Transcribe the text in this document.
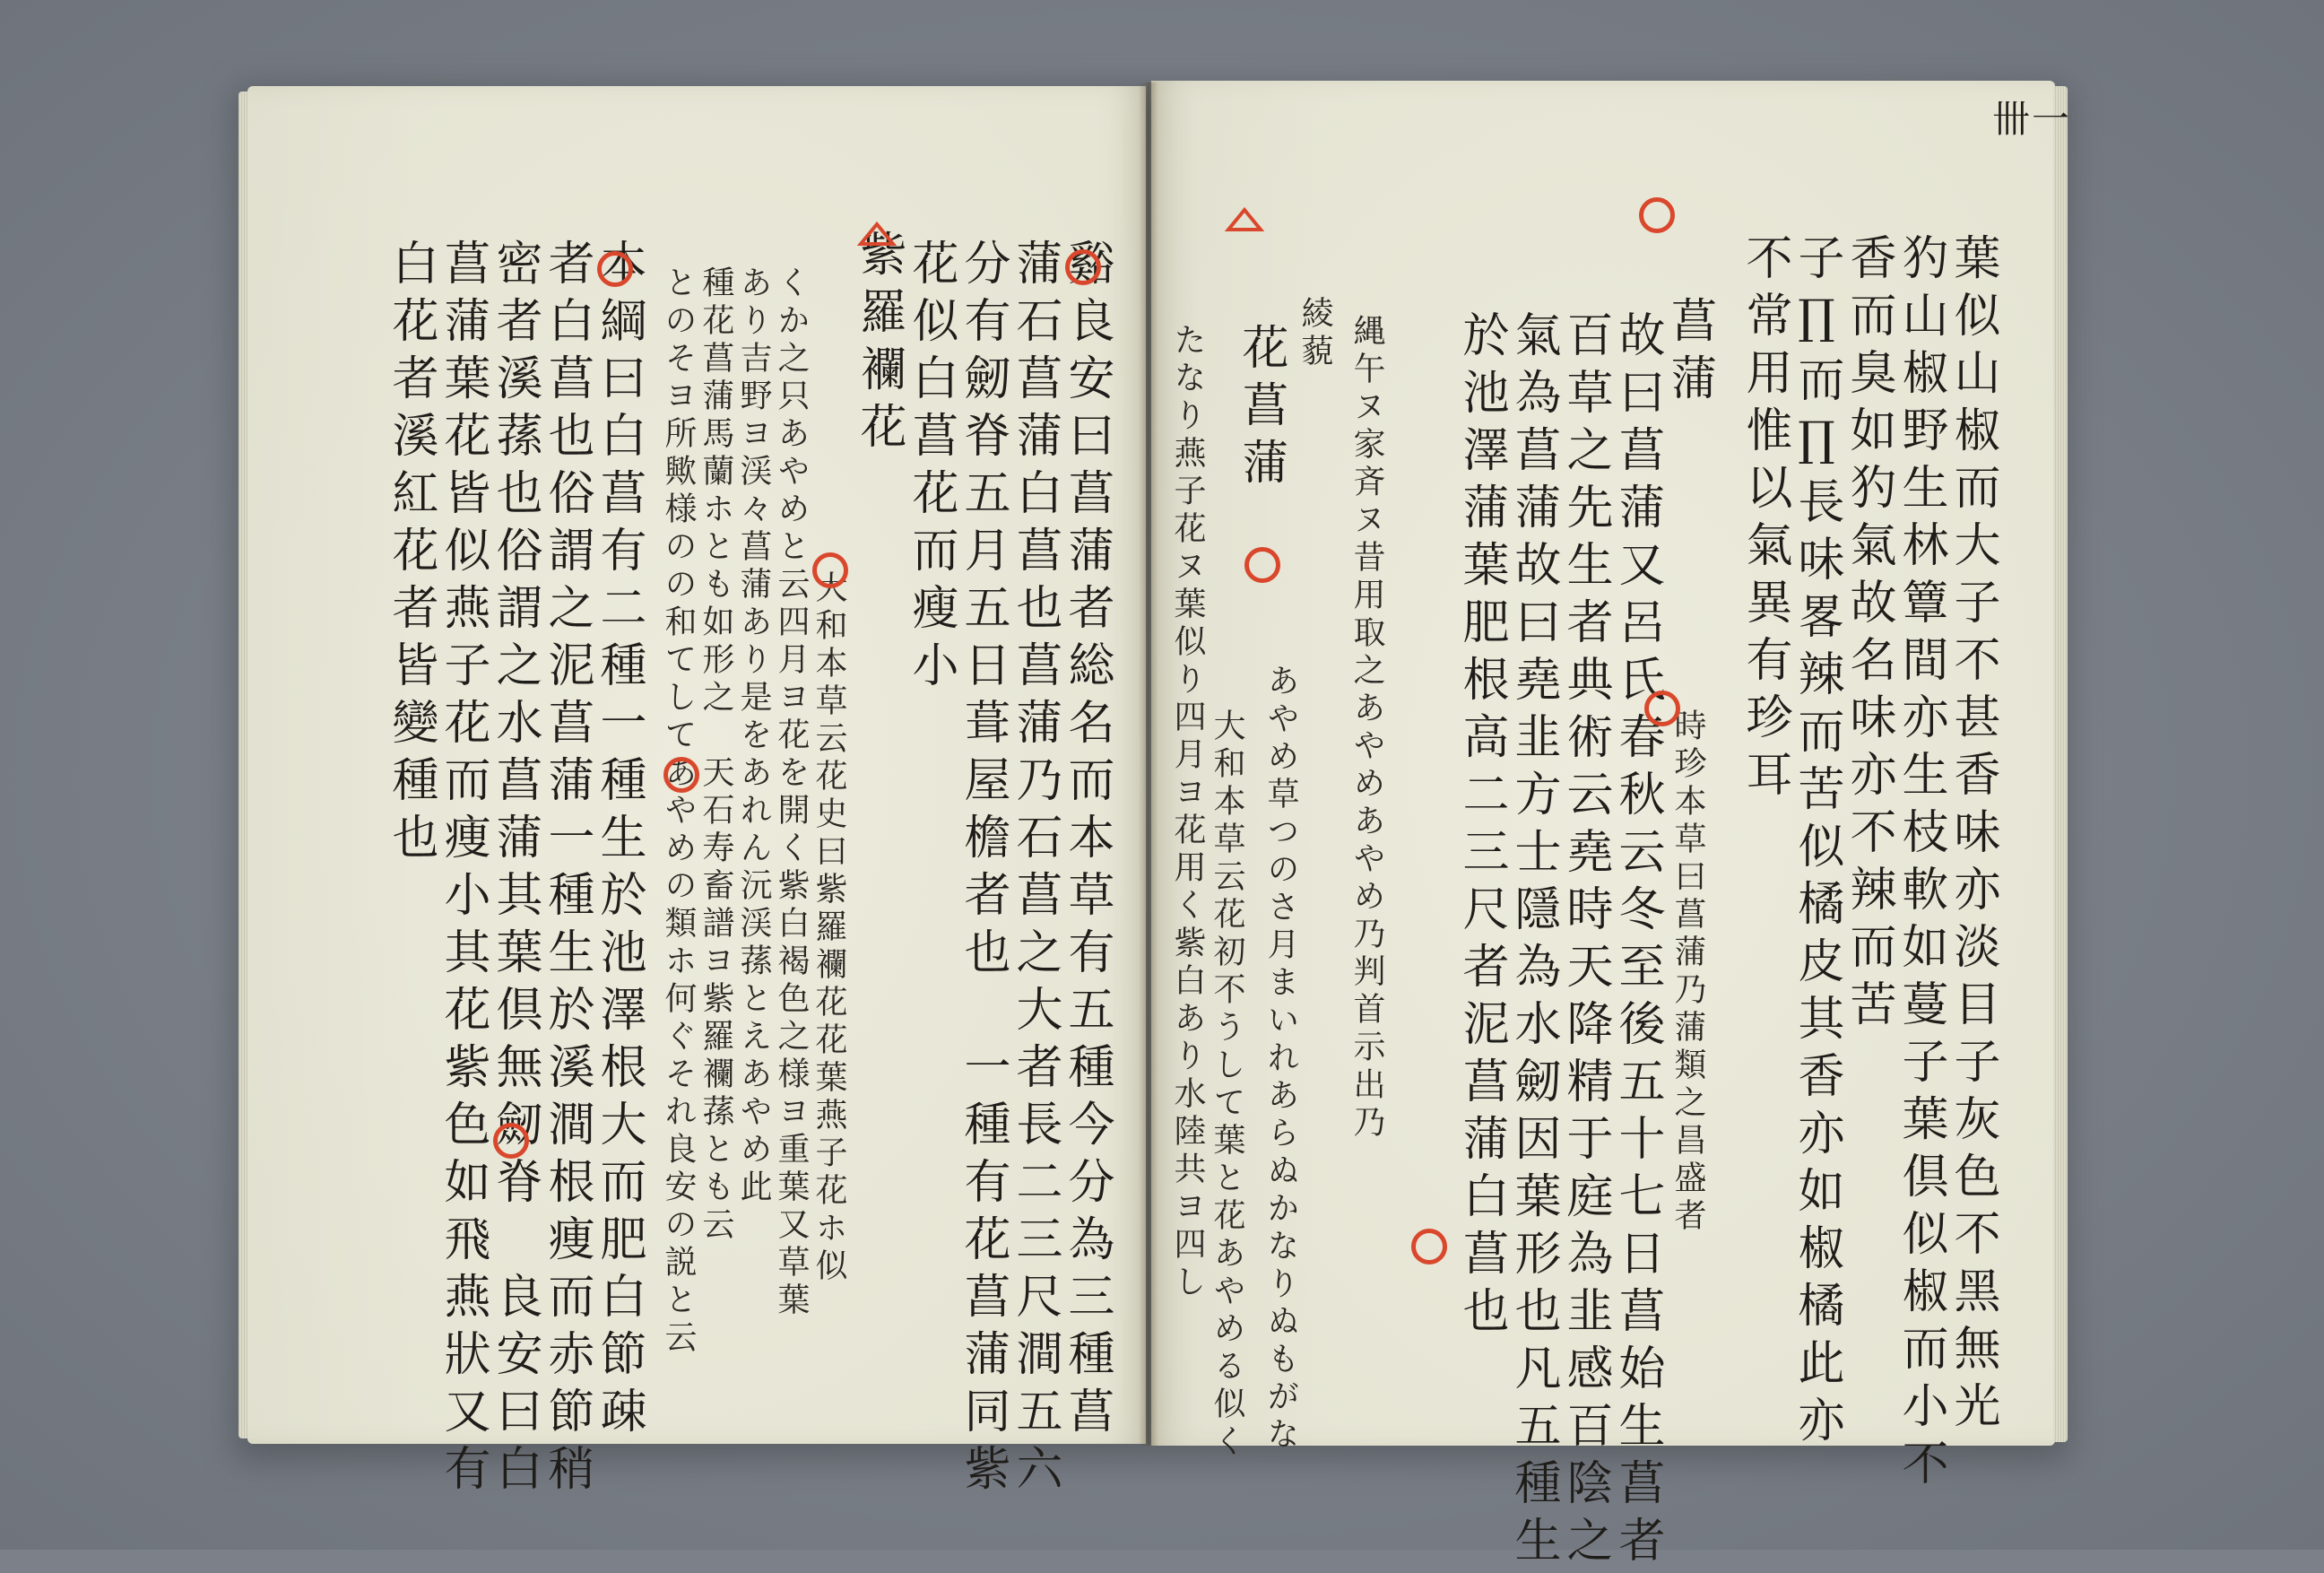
谿良安曰菖蒲者総名而本草有五種今分為三種菖
蒲石菖蒲白菖也菖蒲乃石菖之大者長二三尺澗五六
分有劒脊五月五日葺屋檐者也　一種有花菖蒲同紫
花似白菖花而瘦小
紫羅襴花
大和本草云花史曰紫羅襴花花葉燕子花ホ似
くか之只あやめと云四月ヨ花を開く紫白褐色之様ヨ重葉又草葉
あり吉野ヨ渓々菖蒲あり是をあれん沅渓蓀とえあやめ此
種花菖蒲馬蘭ホとも如形之　天石寿畜譜ヨ紫羅襴蓀とも云
とのそヨ所歟様のの和てしてあやめの類ホ何ぐそれ良安の説と云
本綱曰白菖有二種一種生於池澤根大而肥白節疎
者白菖也俗謂之泥菖蒲一種生於溪澗根痩而赤節稍
密者溪蓀也俗謂之水菖蒲其葉倶無劒脊　良安曰白
菖蒲葉花皆似燕子花而痩小其花紫色如飛燕狀又有
白花者溪紅花者皆變種也	葉似山椒而大子不甚香味亦淡目子灰色不黑無光
犳山椒野生林簟間亦生枝軟如蔓子葉倶似椒而小不
香而臭如犳氣故名味亦不辣而苦
子∏而∏長味畧辣而苦似橘皮其香亦如椒橘此亦
不常用惟以氣異有珍耳
菖蒲
故曰菖蒲又呂氏春秋云冬至後五十七日菖始生菖者
百草之先生者典術云堯時天降精于庭為韭感百陰之
氣為菖蒲故曰堯韭方士隱為水劒因葉形也凡五種生
於池澤蒲葉肥根高二三尺者泥菖蒲白菖也
縄午ヌ家斉ヌ昔用取之あやめあやめ乃判首示出乃
綾藐
時珍本草曰菖蒲乃蒲類之昌盛者
花菖蒲
あやめ草つのさ月まいれあらぬかなりぬもがな
大和本草云花初不うして葉と花あやめる似く
たなり燕子花ヌ葉似り四月ヨ花用く紫白あり水陸共ヨ四し
卌一
